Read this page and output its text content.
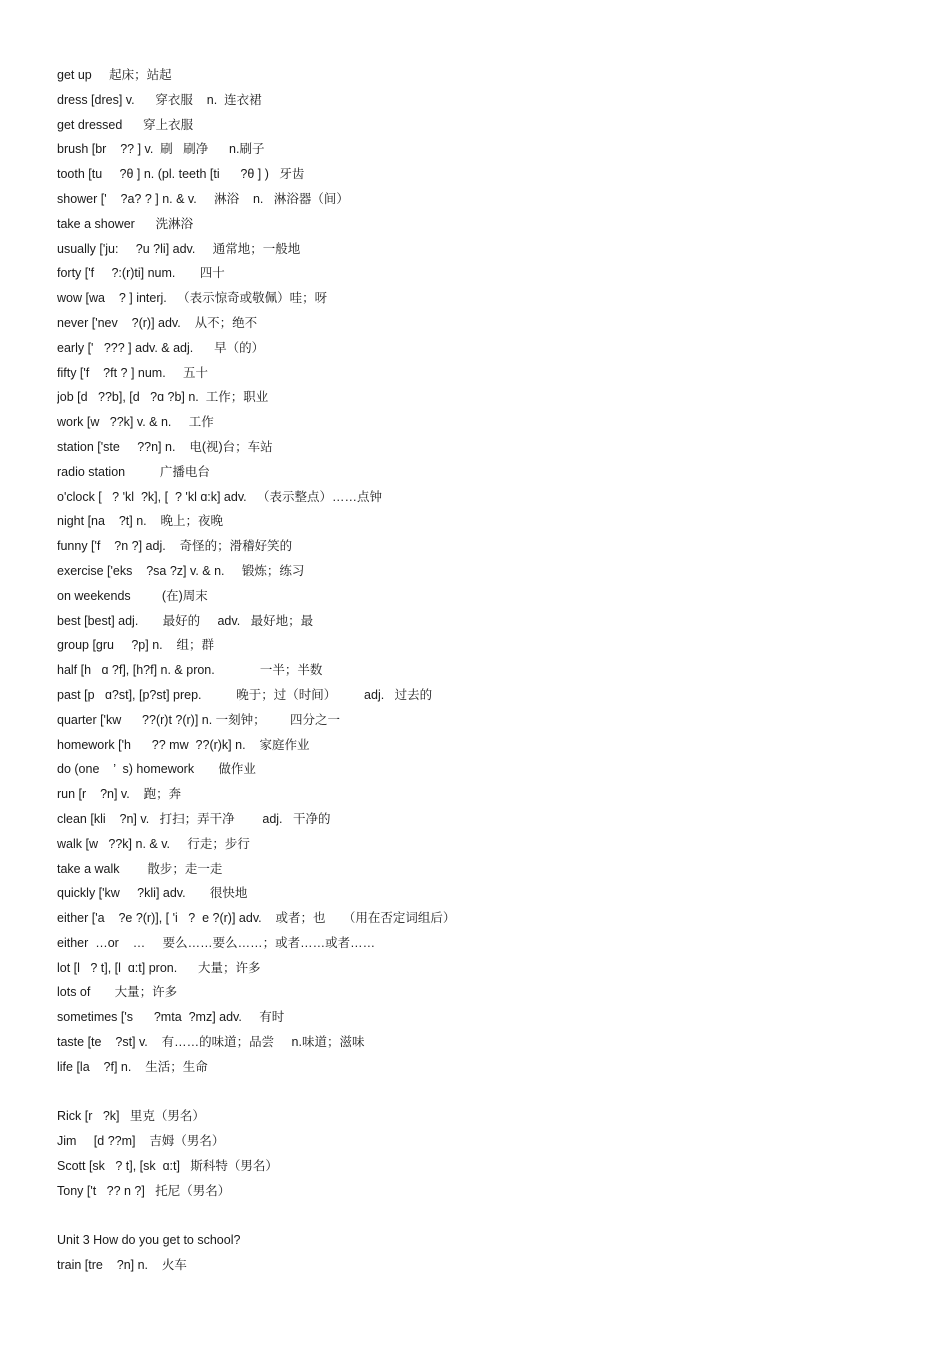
get up     起床；站起
dress [dres] v.      穿衣服    n.  连衣裙
get dressed      穿上衣服
brush [br    ?? ] v.  刷   刷净      n.刷子
tooth [tu     ?θ ] n. (pl. teeth [ti      ?θ ] )   牙齿
shower ['    ?a? ? ] n. & v.     淋浴    n.   淋浴器（间）
take a shower      洗淋浴
usually ['ju:     ?u ?li] adv.     通常地；一般地
forty ['f     ?:(r)ti] num.       四十
wow [wa    ? ] interj.   （表示惊奇或敬佩）哇；呀
never ['nev    ?(r)] adv.    从不；绝不
early ['   ??? ] adv. & adj.      早（的）
fifty ['f    ?ft ? ] num.     五十
job [d   ??b], [d   ?ɑ ?b] n.  工作；职业
work [w   ??k] v. & n.     工作
station ['ste     ??n] n.    电(视)台；车站
radio station          广播电台
o'clock [   ? 'kl  ?k], [  ? 'kl ɑ:k] adv.   （表示整点）……点钟
night [na    ?t] n.    晚上；夜晚
funny ['f    ?n ?] adj.    奇怪的；滑稽好笑的
exercise ['eks    ?sa ?z] v. & n.     锻炼；练习
on weekends         (在)周末
best [best] adj.       最好的     adv.   最好地；最
group [gru     ?p] n.    组；群
half [h   ɑ ?f], [h?f] n. & pron.             一半；半数
past [p   ɑ?st], [p?st] prep.          晚于；过（时间）        adj.   过去的
quarter ['kw      ??(r)t ?(r)] n. 一刻钟；       四分之一
homework ['h      ?? mw  ??(r)k] n.    家庭作业
do (one    ’  s) homework       做作业
run [r    ?n] v.    跑；奔
clean [kli    ?n] v.   打扫；弄干净        adj.   干净的
walk [w   ??k] n. & v.     行走；步行
take a walk        散步；走一走
quickly ['kw     ?kli] adv.       很快地
either ['a    ?e ?(r)], [ 'i   ?  e ?(r)] adv.    或者；也     （用在否定词组后）
either  …or    …     要么……要么……；或者……或者……
lot [l   ? t], [l  ɑ:t] pron.      大量；许多
lots of       大量；许多
sometimes ['s      ?mta  ?mz] adv.     有时
taste [te    ?st] v.    有……的味道；品尝     n.味道；滋味
life [la    ?f] n.    生活；生命
Rick [r   ?k]   里克（男名）
Jim     [d ??m]    吉姆（男名）
Scott [sk   ? t], [sk  ɑ:t]   斯科特（男名）
Tony ['t   ?? n ?]   托尼（男名）
Unit 3 How do you get to school?
train [tre    ?n] n.    火车
